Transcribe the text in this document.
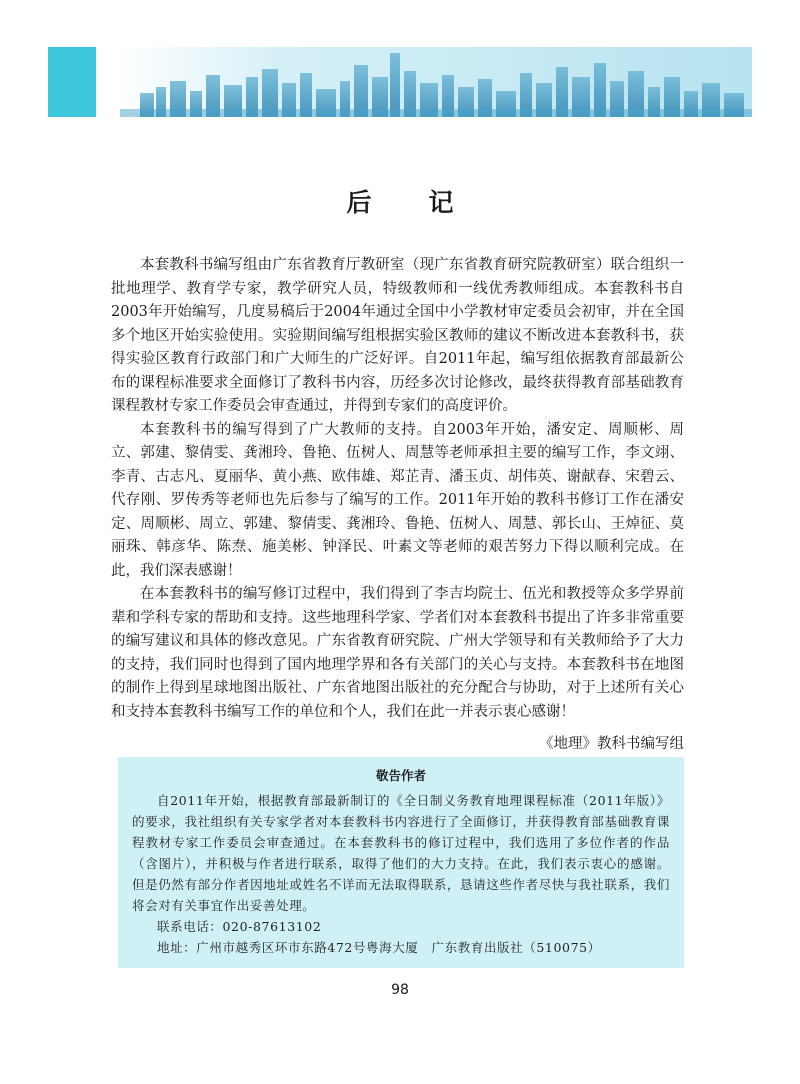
后　记

本套教科书编写组由广东省教育厅教研室（现广东省教育研究院教研室）联合组织一批地理学、教育学专家，教学研究人员，特级教师和一线优秀教师组成。本套教科书自2003年开始编写，几度易稿后于2004年通过全国中小学教材审定委员会初审，并在全国多个地区开始实验使用。实验期间编写组根据实验区教师的建议不断改进本套教科书，获得实验区教育行政部门和广大师生的广泛好评。自2011年起，编写组依据教育部最新公布的课程标准要求全面修订了教科书内容，历经多次讨论修改，最终获得教育部基础教育课程教材专家工作委员会审查通过，并得到专家们的高度评价。

本套教科书的编写得到了广大教师的支持。自2003年开始，潘安定、周顺彬、周立、郭建、黎倩雯、龚湘玲、鲁艳、伍树人、周慧等老师承担主要的编写工作，李文翊、李青、古志凡、夏丽华、黄小燕、欧伟雄、郑芷青、潘玉贞、胡伟英、谢献春、宋碧云、代存刚、罗传秀等老师也先后参与了编写的工作。2011年开始的教科书修订工作在潘安定、周顺彬、周立、郭建、黎倩雯、龚湘玲、鲁艳、伍树人、周慧、郭长山、王焯征、莫丽珠、韩彦华、陈焘、施美彬、钟泽民、叶素文等老师的艰苦努力下得以顺利完成。在此，我们深表感谢！

在本套教科书的编写修订过程中，我们得到了李吉均院士、伍光和教授等众多学界前辈和学科专家的帮助和支持。这些地理科学家、学者们对本套教科书提出了许多非常重要的编写建议和具体的修改意见。广东省教育研究院、广州大学领导和有关教师给予了大力的支持，我们同时也得到了国内地理学界和各有关部门的关心与支持。本套教科书在地图的制作上得到星球地图出版社、广东省地图出版社的充分配合与协助，对于上述所有关心和支持本套教科书编写工作的单位和个人，我们在此一并表示衷心感谢！

《地理》教科书编写组
敬告作者

自2011年开始，根据教育部最新制订的《全日制义务教育地理课程标准（2011年版）》的要求，我社组织有关专家学者对本套教科书内容进行了全面修订，并获得教育部基础教育课程教材专家工作委员会审查通过。在本套教科书的修订过程中，我们选用了多位作者的作品（含图片），并积极与作者进行联系，取得了他们的大力支持。在此，我们表示衷心的感谢。但是仍然有部分作者因地址或姓名不详而无法取得联系，恳请这些作者尽快与我社联系，我们将会对有关事宜作出妥善处理。

联系电话：020-87613102

地址：广州市越秀区环市东路472号粤海大厦　广东教育出版社（510075）

98
